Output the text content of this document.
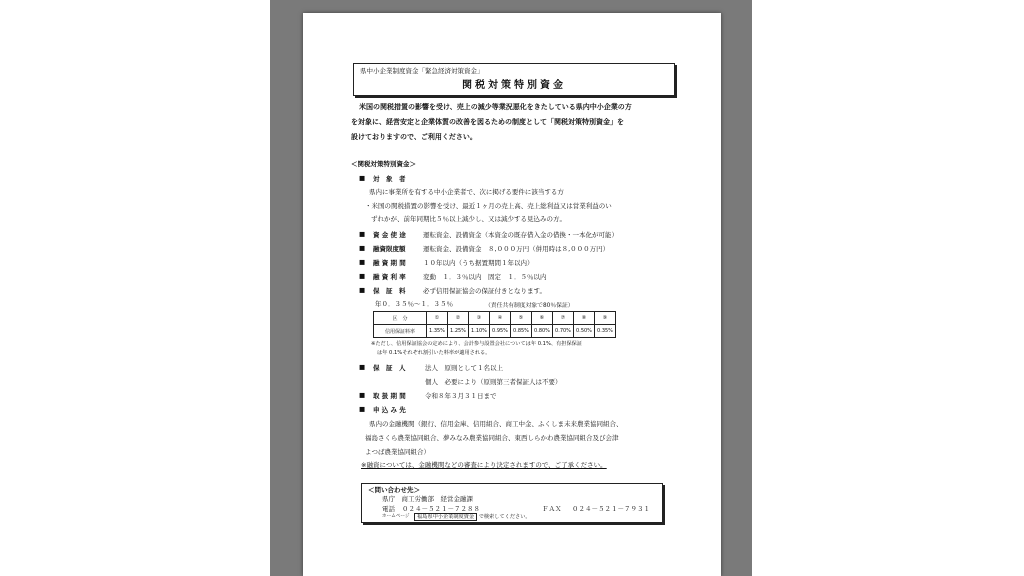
県中小企業制度資金「緊急経済対策資金」
関税対策特別資金
米国の関税措置の影響を受け、売上の減少等業況悪化をきたしている県内中小企業の方
を対象に、経営安定と企業体質の改善を図るための制度として「関税対策特別資金」を
設けておりますので、ご利用ください。
＜関税対策特別資金＞
■ 対　象　者
県内に事業所を有する中小企業者で、次に掲げる要件に該当する方
・米国の関税措置の影響を受け、最近１ヶ月の売上高、売上総利益又は営業利益のい
ずれかが、前年同期比５％以上減少し、又は減少する見込みの方。
■ 資 金 使 途	運転資金、設備資金（本資金の既存借入金の借換・一本化が可能）
■ 融資限度額	運転資金、設備資金　８,０００万円（併用時は８,０００万円）
■ 融 資 期 間	１０年以内（うち据置期間１年以内）
■ 融 資 利 率	変動　１．３％以内　固定　１．５％以内
■ 保　証　料	必ず信用保証協会の保証付きとなります。
年０．３５％～１．３５％	（責任共有制度対象で80％保証）
区　分	①	②	③	④	⑤	⑥	⑦	⑧	⑨
信用保証料率	1.35%	1.25%	1.10%	0.95%	0.85%	0.80%	0.70%	0.50%	0.35%
※ただし、信用保証協会の定めにより、会計参与設置会社については年 0.1%、有担保保証
は年 0.1%それぞれ割引いた料率が適用される。
■ 保　証　人	法人　原則として１名以上
個人　必要により（原則第三者保証人は不要）
■ 取 扱 期 間	令和８年３月３１日まで
■ 申 込 み 先
県内の金融機関（銀行、信用金庫、信用組合、商工中金、ふくしま未来農業協同組合、
福島さくら農業協同組合、夢みなみ農業協同組合、東西しらかわ農業協同組合及び会津
よつば農業協同組合）
※融資については、金融機関などの審査により決定されますので、ご了承ください。
＜問い合わせ先＞
県庁　商工労働部　経営金融課
電話 ０２４－５２１－７２８８	ＦＡＸ ０２４－５２１－７９３１
ホームページ	福島県中小企業制度資金 で検索してください。
